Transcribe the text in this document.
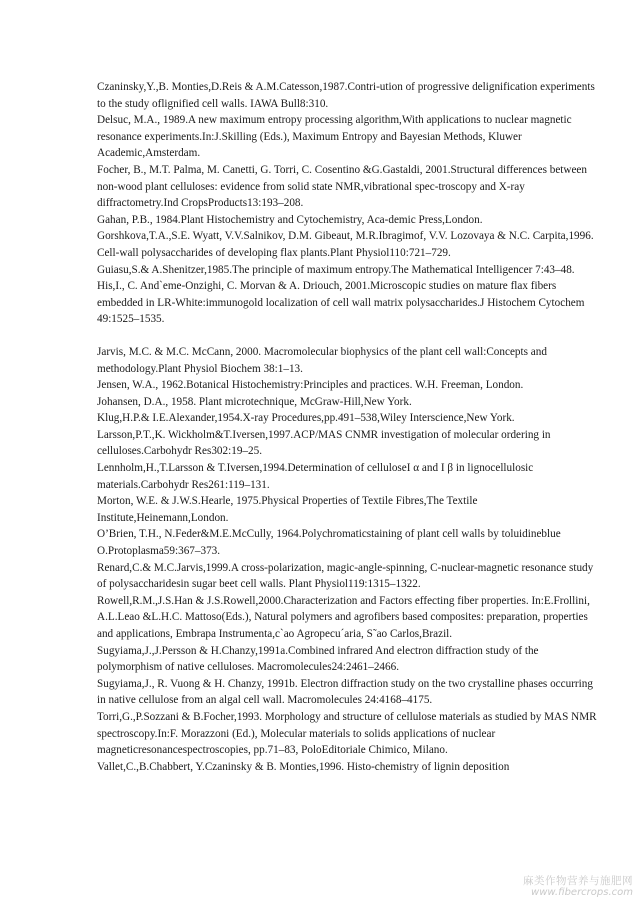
Czaninsky,Y.,B. Monties,D.Reis & A.M.Catesson,1987.Contri-ution of progressive delignification experiments to the study oflignified cell walls. IAWA Bull8:310.
Delsuc, M.A., 1989.A new maximum entropy processing algorithm,With applications to nuclear magnetic resonance experiments.In:J.Skilling (Eds.), Maximum Entropy and Bayesian Methods, Kluwer Academic,Amsterdam.
Focher, B., M.T. Palma, M. Canetti, G. Torri, C. Cosentino &G.Gastaldi, 2001.Structural differences between non-wood plant celluloses: evidence from solid state NMR,vibrational spec-troscopy and X-ray diffractometry.Ind CropsProducts13:193–208.
Gahan, P.B., 1984.Plant Histochemistry and Cytochemistry, Aca-demic Press,London.
Gorshkova,T.A.,S.E. Wyatt, V.V.Salnikov, D.M. Gibeaut, M.R.Ibragimof, V.V. Lozovaya & N.C. Carpita,1996. Cell-wall polysaccharides of developing flax plants.Plant Physiol110:721–729.
Guiasu,S.& A.Shenitzer,1985.The principle of maximum entropy.The Mathematical Intelligencer 7:43–48.
His,I., C. And`eme-Onzighi, C. Morvan & A. Driouch, 2001.Microscopic studies on mature flax fibers embedded in LR-White:immunogold localization of cell wall matrix polysaccharides.J Histochem Cytochem 49:1525–1535.
Jarvis, M.C. & M.C. McCann, 2000. Macromolecular biophysics of the plant cell wall:Concepts and methodology.Plant Physiol Biochem 38:1–13.
Jensen, W.A., 1962.Botanical Histochemistry:Principles and practices. W.H. Freeman, London.
Johansen, D.A., 1958. Plant microtechnique, McGraw-Hill,New York.
Klug,H.P.& I.E.Alexander,1954.X-ray Procedures,pp.491–538,Wiley Interscience,New York.
Larsson,P.T.,K. Wickholm&T.Iversen,1997.ACP/MAS CNMR investigation of molecular ordering in celluloses.Carbohydr Res302:19–25.
Lennholm,H.,T.Larsson & T.Iversen,1994.Determination of celluloseI α and I β in lignocellulosic materials.Carbohydr Res261:119–131.
Morton, W.E. & J.W.S.Hearle, 1975.Physical Properties of Textile Fibres,The Textile Institute,Heinemann,London.
O’Brien, T.H., N.Feder&M.E.McCully, 1964.Polychromaticstaining of plant cell walls by toluidineblue O.Protoplasma59:367–373.
Renard,C.& M.C.Jarvis,1999.A cross-polarization, magic-angle-spinning, C-nuclear-magnetic resonance study of polysaccharidesin sugar beet cell walls. Plant Physiol119:1315–1322.
Rowell,R.M.,J.S.Han & J.S.Rowell,2000.Characterization and Factors effecting fiber properties. In:E.Frollini, A.L.Leao &L.H.C. Mattoso(Eds.), Natural polymers and agrofibers based composites: preparation, properties and applications, Embrapa Instrumenta,c`ao Agropecu´aria, S˜ao Carlos,Brazil.
Sugyiama,J.,J.Persson & H.Chanzy,1991a.Combined infrared And electron diffraction study of the polymorphism of native celluloses. Macromolecules24:2461–2466.
Sugyiama,J., R. Vuong & H. Chanzy, 1991b. Electron diffraction study on the two crystalline phases occurring in native cellulose from an algal cell wall. Macromolecules 24:4168–4175.
Torri,G.,P.Sozzani & B.Focher,1993. Morphology and structure of cellulose materials as studied by MAS NMR spectroscopy.In:F. Morazzoni (Ed.), Molecular materials to solids applications of nuclear magneticresonancespectroscopies, pp.71–83, PoloEditoriale Chimico, Milano.
Vallet,C.,B.Chabbert, Y.Czaninsky & B. Monties,1996. Histo-chemistry of lignin deposition
麻类作物营养与施肥网
www.fibercrops.com
